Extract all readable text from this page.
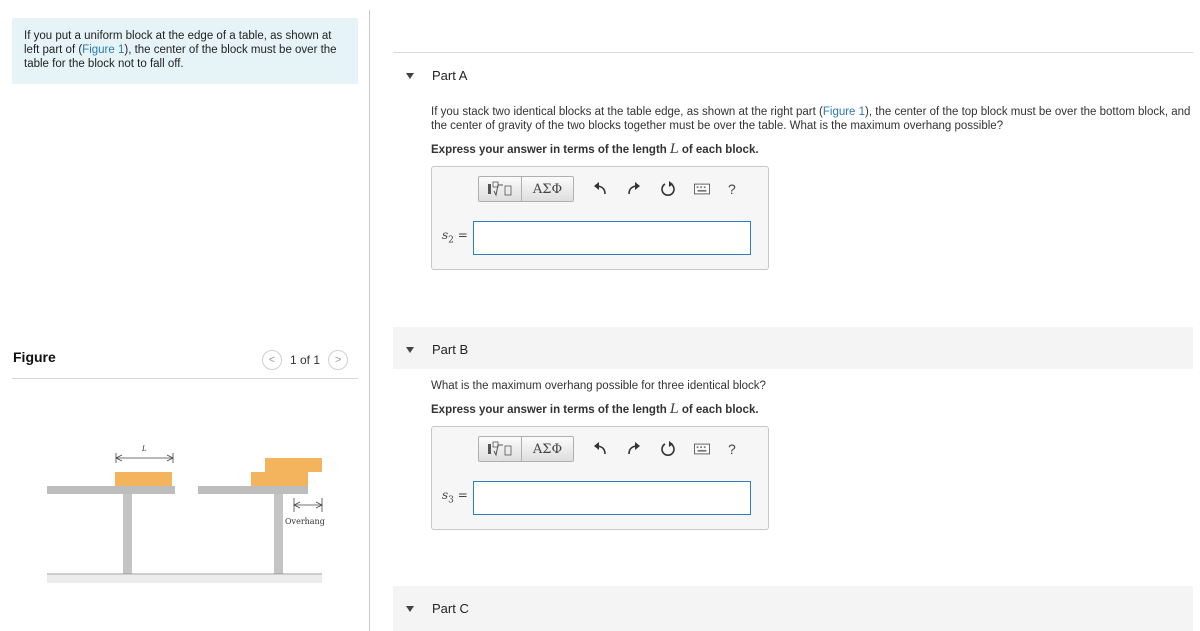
If you put a uniform block at the edge of a table, as shown at left part of (Figure 1), the center of the block must be over the table for the block not to fall off.
Figure	< 1 of 1 >
L
Overhang
Part A
If you stack two identical blocks at the table edge, as shown at the right part (Figure 1), the center of the top block must be over the bottom block, and the center of gravity of the two blocks together must be over the table. What is the maximum overhang possible?
Express your answer in terms of the length L of each block.
ΑΣΦ	?
$s_2$ =
Part B
What is the maximum overhang possible for three identical block?
Express your answer in terms of the length L of each block.
ΑΣΦ	?
$s_3$ =
Part C
